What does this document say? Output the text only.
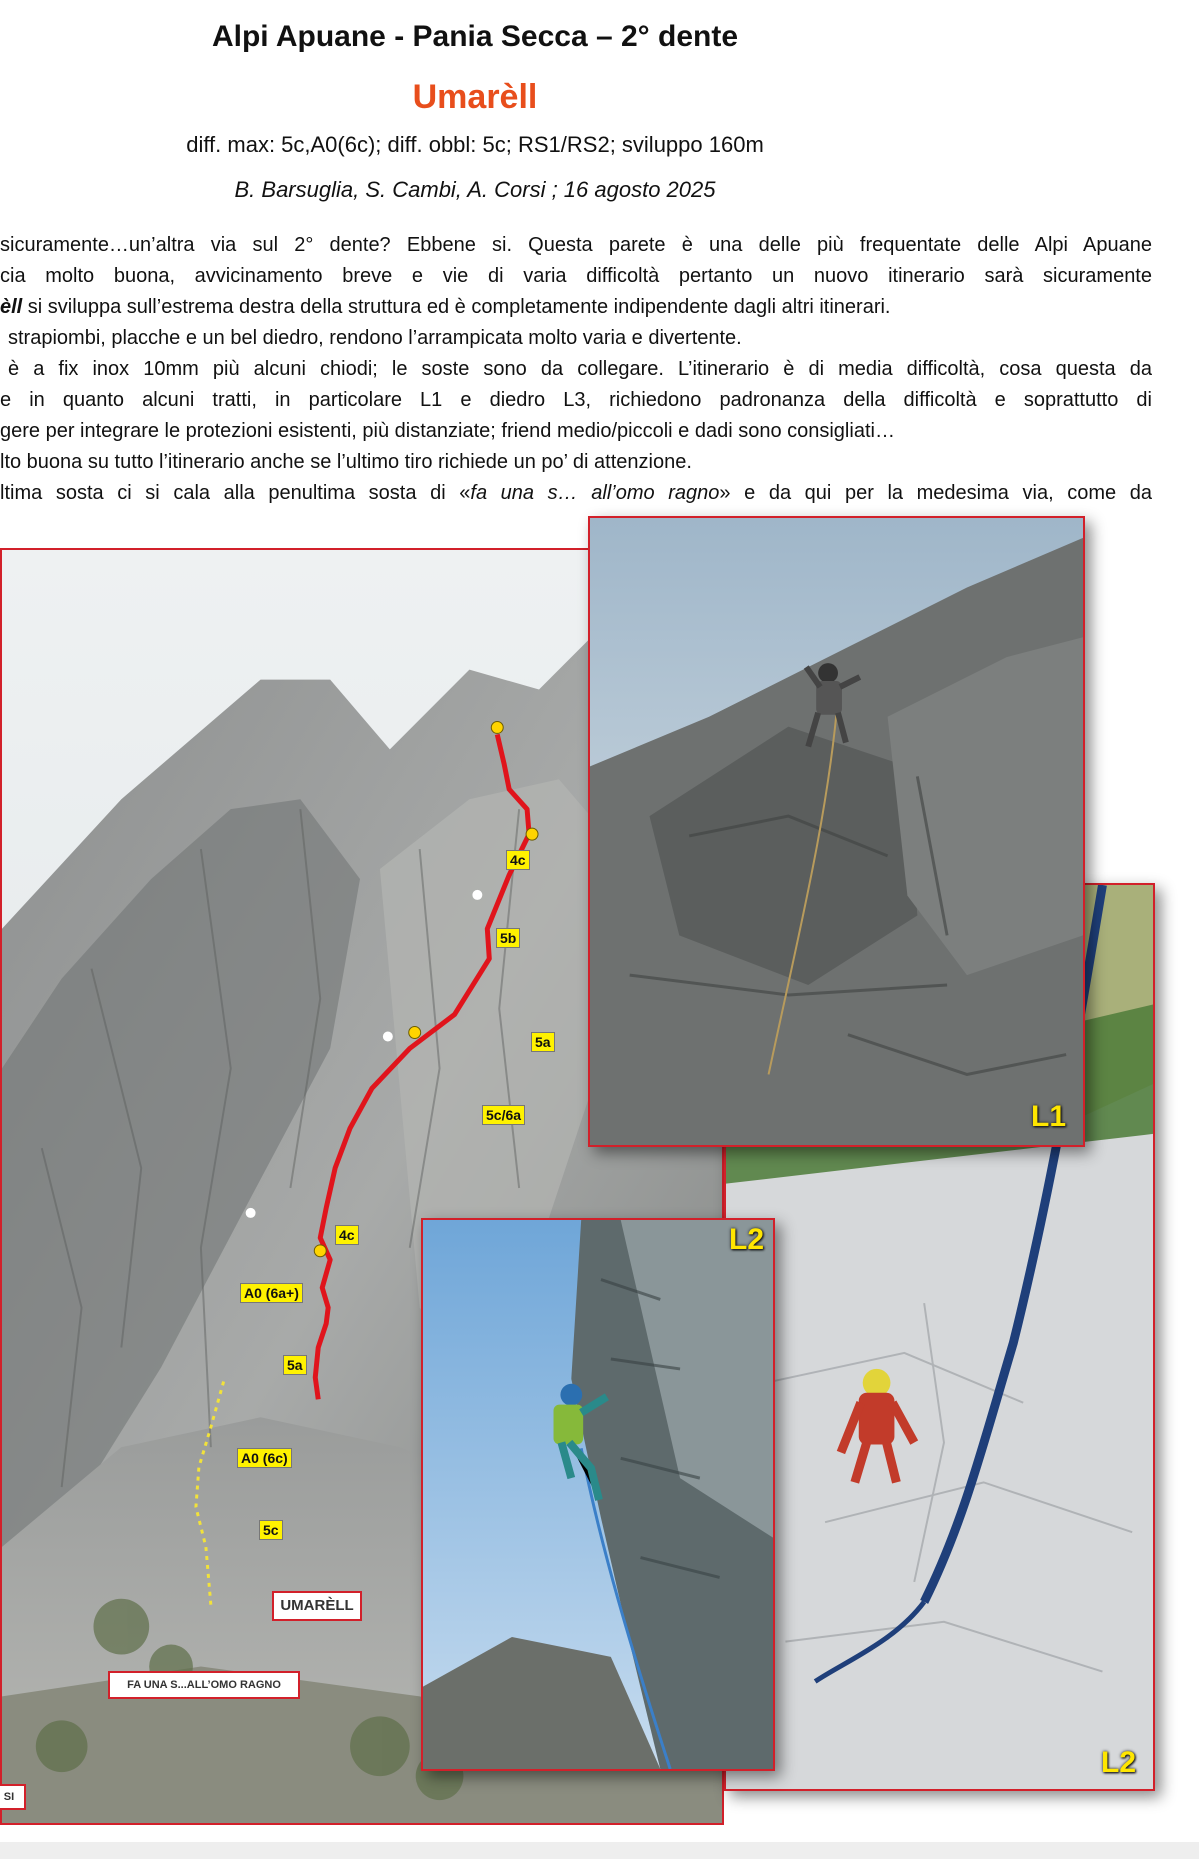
Alpi Apuane - Pania Secca – 2° dente
Umarèll
diff. max: 5c,A0(6c); diff. obbl: 5c; RS1/RS2; sviluppo 160m
B. Barsuglia, S. Cambi, A. Corsi ; 16 agosto 2025
sicuramente…un’altra via sul 2° dente? Ebbene si. Questa parete è una delle più frequentate delle Alpi Apuane
cia molto buona, avvicinamento breve e vie di varia difficoltà pertanto un nuovo itinerario sarà sicuramente
èll si sviluppa sull’estrema destra della struttura ed è completamente indipendente dagli altri itinerari.
strapiombi, placche e un bel diedro, rendono l’arrampicata molto varia e divertente.
è a fix inox 10mm più alcuni chiodi; le soste sono da collegare. L’itinerario è di media difficoltà, cosa questa da
e in quanto alcuni tratti, in particolare L1 e diedro L3, richiedono padronanza della difficoltà e soprattutto di
gere per integrare le protezioni esistenti, più distanziate; friend medio/piccoli e dadi sono consigliati…
lto buona su tutto l’itinerario anche se l’ultimo tiro richiede un po’ di attenzione.
ltima sosta ci si cala alla penultima sosta di «fa una s… all’omo ragno» e da qui per la medesima via, come da
4c
5b
5a
5c/6a
4c
A0 (6a+)
5a
A0 (6c)
5c
UMARÈLL
FA UNA S...ALL’OMO RAGNO
SI
L1
L2
L2
